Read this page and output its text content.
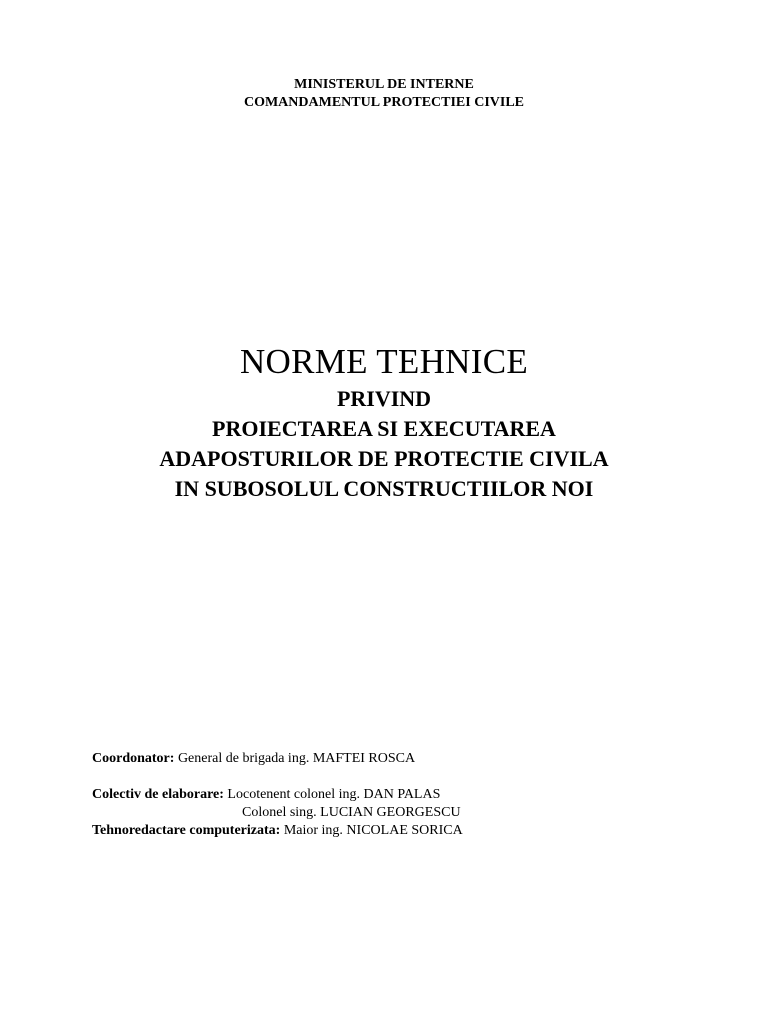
MINISTERUL DE INTERNE
COMANDAMENTUL PROTECTIEI CIVILE
NORME TEHNICE
PRIVIND
PROIECTAREA SI EXECUTAREA
ADAPOSTURILOR DE PROTECTIE CIVILA
IN SUBOSOLUL CONSTRUCTIILOR NOI
Coordonator: General de brigada ing. MAFTEI ROSCA
Colectiv de elaborare: Locotenent colonel ing. DAN PALAS
Colonel sing. LUCIAN GEORGESCU
Tehnoredactare computerizata: Maior ing. NICOLAE SORICA
